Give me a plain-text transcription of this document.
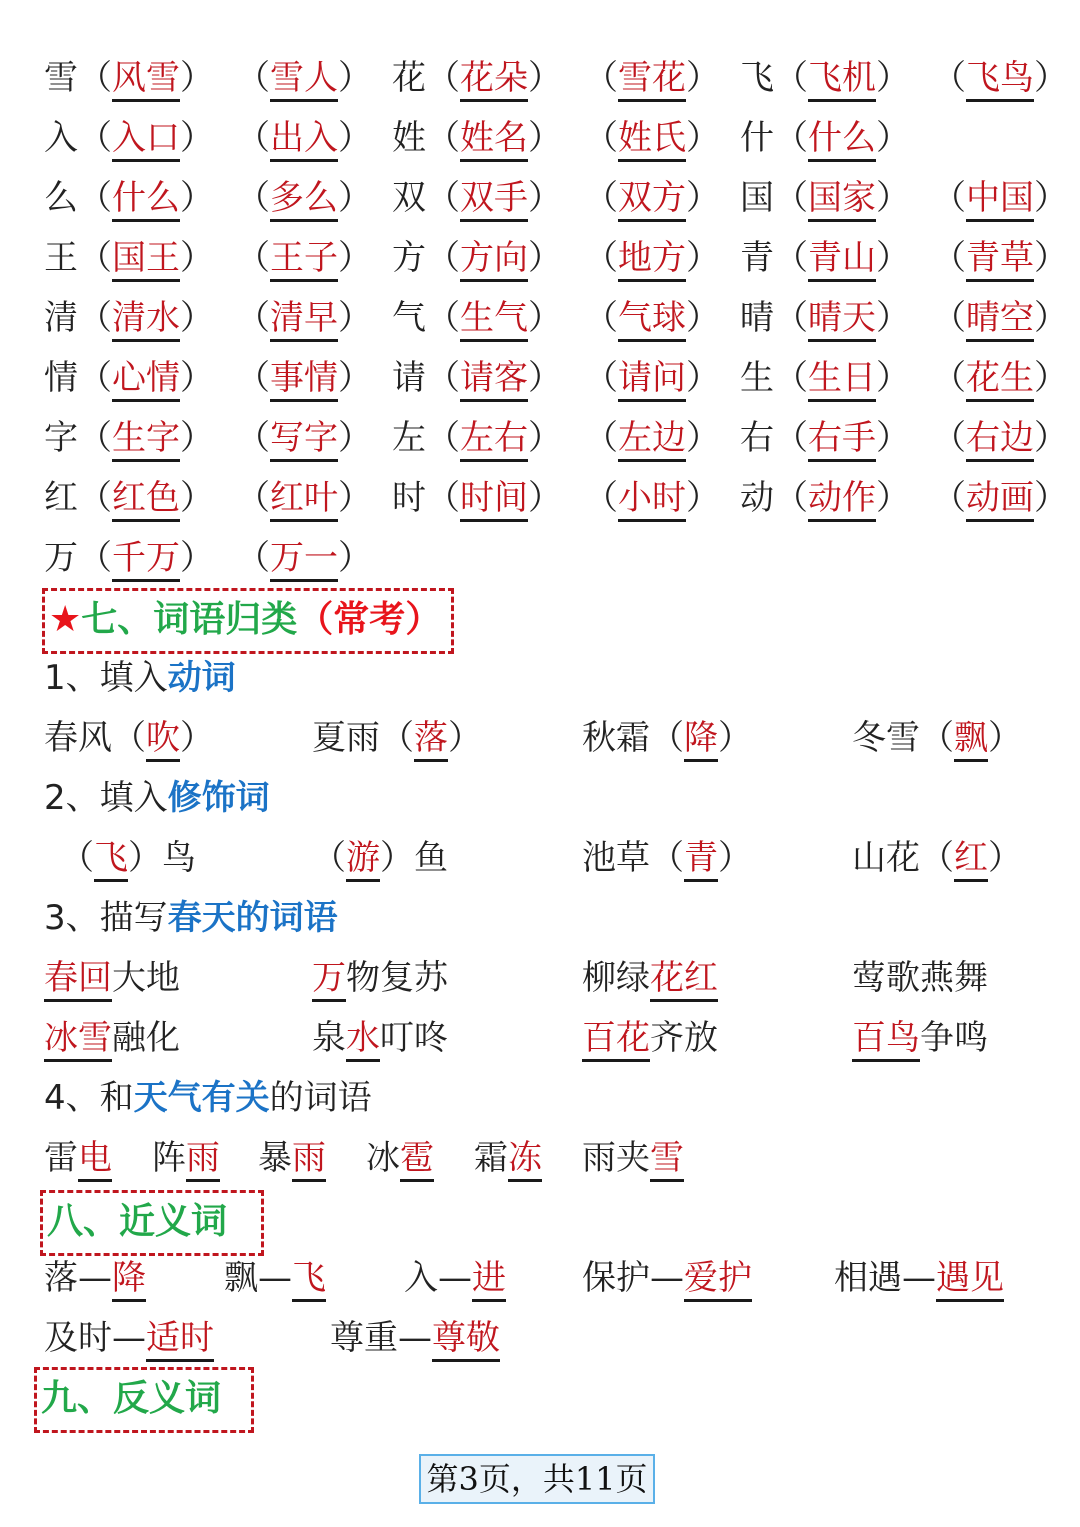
雪（风雪） （雪人） 花（花朵） （雪花） 飞（飞机） （飞鸟）
入（入口） （出入） 姓（姓名） （姓氏） 什（什么）
么（什么） （多么） 双（双手） （双方） 国（国家） （中国）
王（国王） （王子） 方（方向） （地方） 青（青山） （青草）
清（清水） （清早） 气（生气） （气球） 晴（晴天） （晴空）
情（心情） （事情） 请（请客） （请问） 生（生日） （花生）
字（生字） （写字） 左（左右） （左边） 右（右手） （右边）
红（红色） （红叶） 时（时间） （小时） 动（动作） （动画）
万（千万） （万一）
★七、词语归类（常考）
1、填入动词
春风（吹）	夏雨（落）	秋霜（降）	冬雪（飘）
2、填入修饰词
（飞）鸟	（游）鱼	池草（青）	山花（红）
3、描写春天的词语
春回大地	万物复苏	柳绿花红	莺歌燕舞
冰雪融化	泉水叮咚	百花齐放	百鸟争鸣
4、和天气有关的词语
雷电 阵雨 暴雨 冰雹 霜冻 雨夹雪
八、近义词
落—降 飘—飞 入—进 保护—爱护 相遇—遇见
及时—适时	尊重—尊敬
九、反义词
第3页，共11页
